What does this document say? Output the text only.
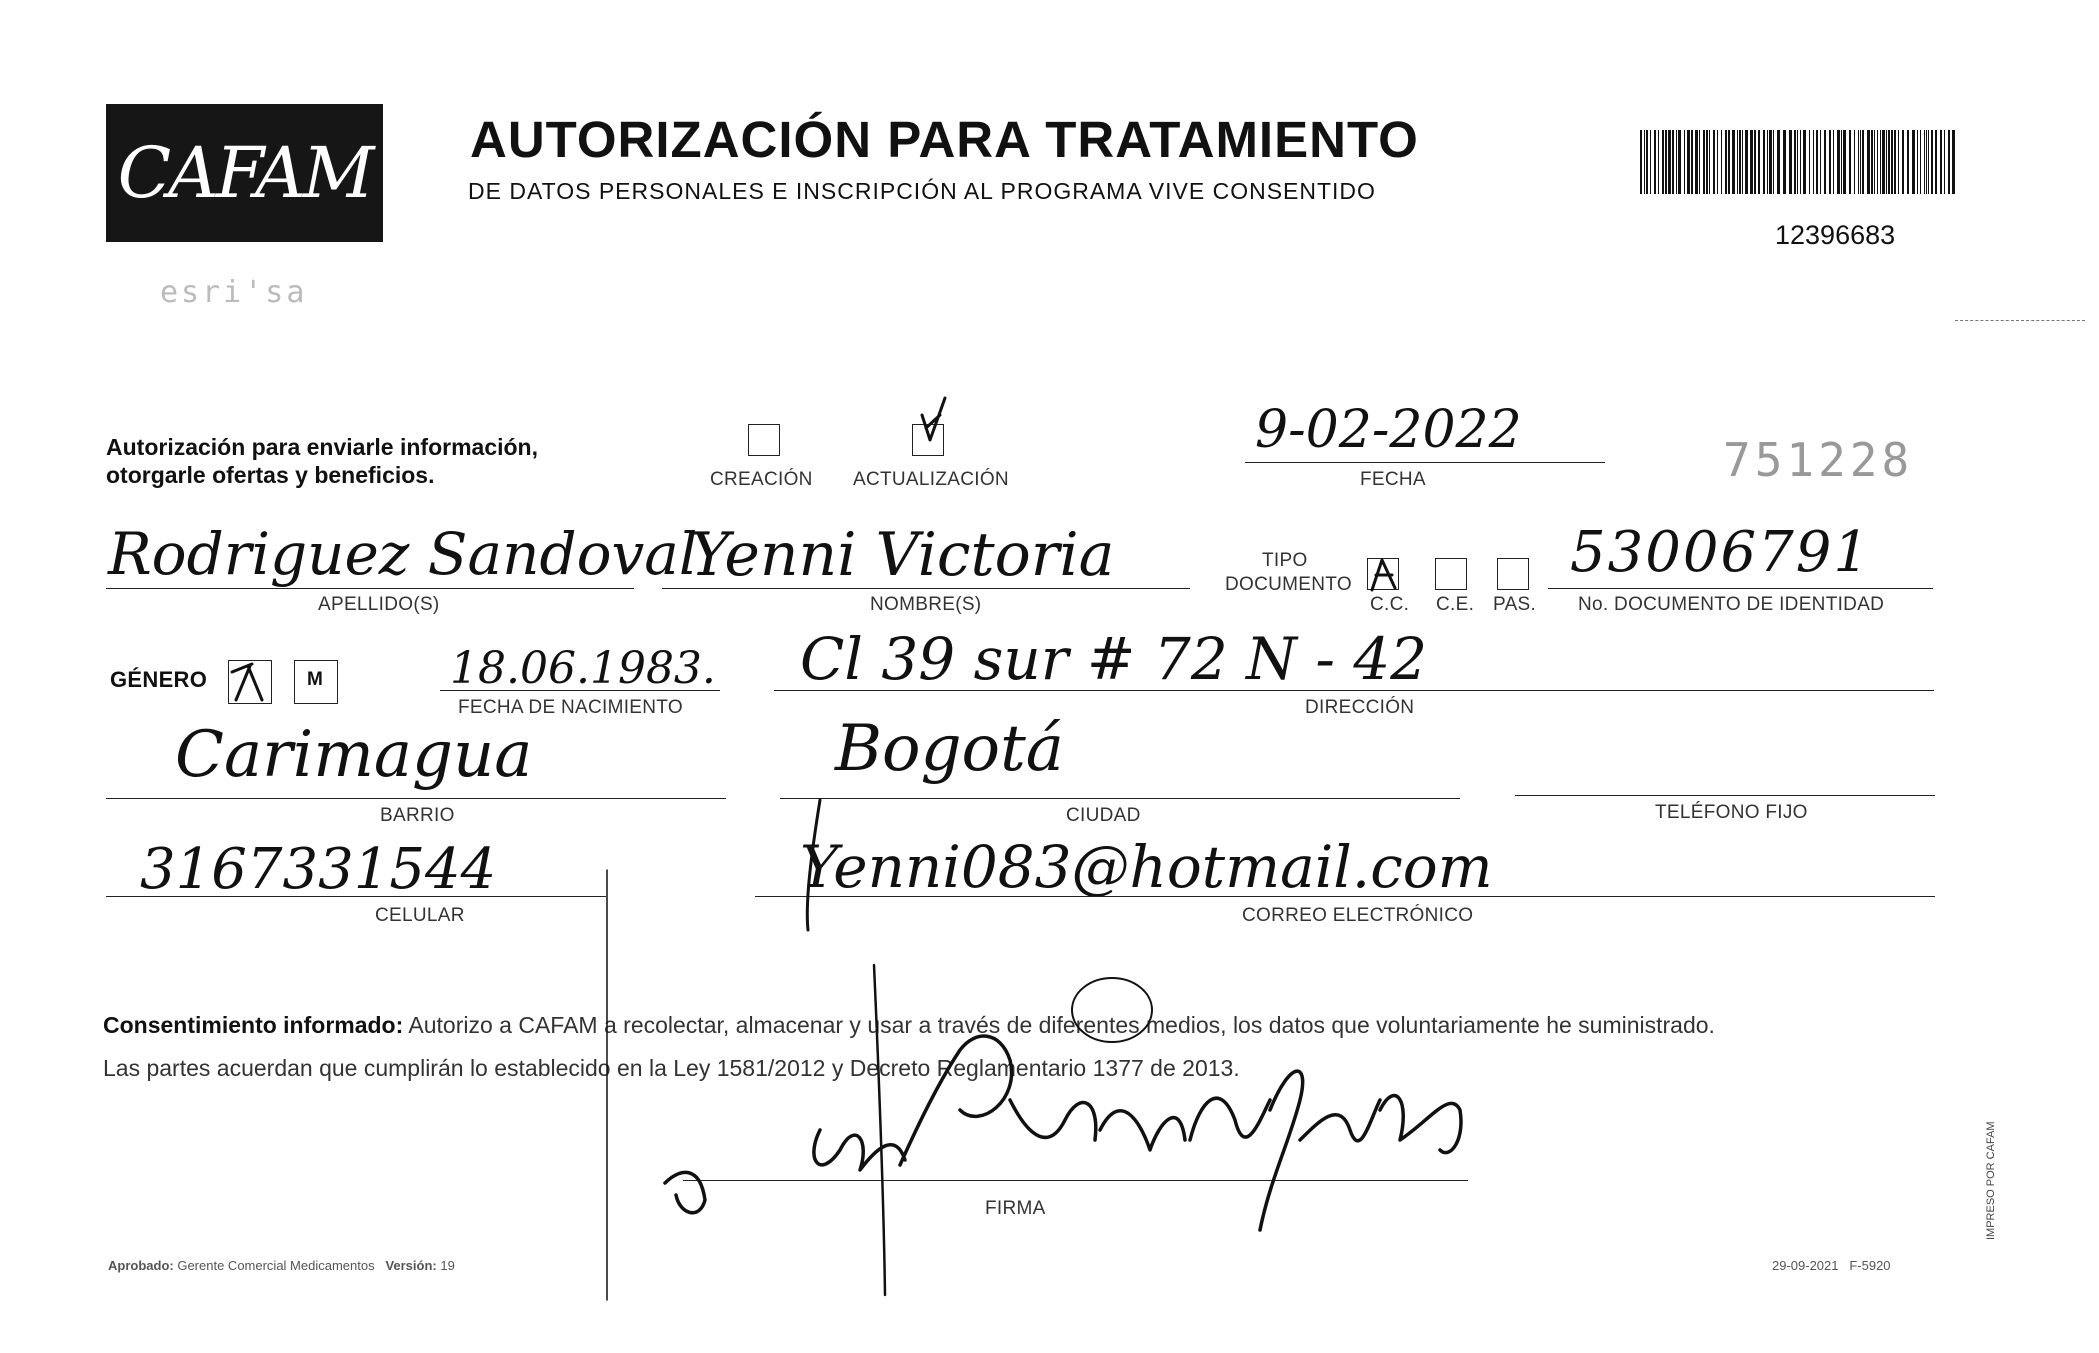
CAFAM AUTORIZACIÓN PARA TRATAMIENTO
DE DATOS PERSONALES E INSCRIPCIÓN AL PROGRAMA VIVE CONSENTIDO
12396683
esri'sa
Autorización para enviarle información,
otorgarle ofertas y beneficios.	CREACIÓN ACTUALIZACIÓN
9-02-2022
FECHA	751228
Rodriguez Sandoval
APELLIDO(S)
Yenni Victoria
NOMBRE(S)
TIPO
DOCUMENTO
C.C. C.E. PAS.
53006791
No. DOCUMENTO DE IDENTIDAD
GÉNERO	M	18.06.1983.
FECHA DE NACIMIENTO
Cl 39 sur # 72 N - 42
DIRECCIÓN
Carimagua
BARRIO
Bogotá
CIUDAD	TELÉFONO FIJO
3167331544
CELULAR
Yenni083@hotmail.com
CORREO ELECTRÓNICO
Consentimiento informado: Autorizo a CAFAM a recolectar, almacenar y usar a través de diferentes medios, los datos que voluntariamente he suministrado.
Las partes acuerdan que cumplirán lo establecido en la Ley 1581/2012 y Decreto Reglamentario 1377 de 2013.
FIRMA
Aprobado: Gerente Comercial Medicamentos Versión: 19	29-09-2021 F-5920
IMPRESO POR CAFAM
